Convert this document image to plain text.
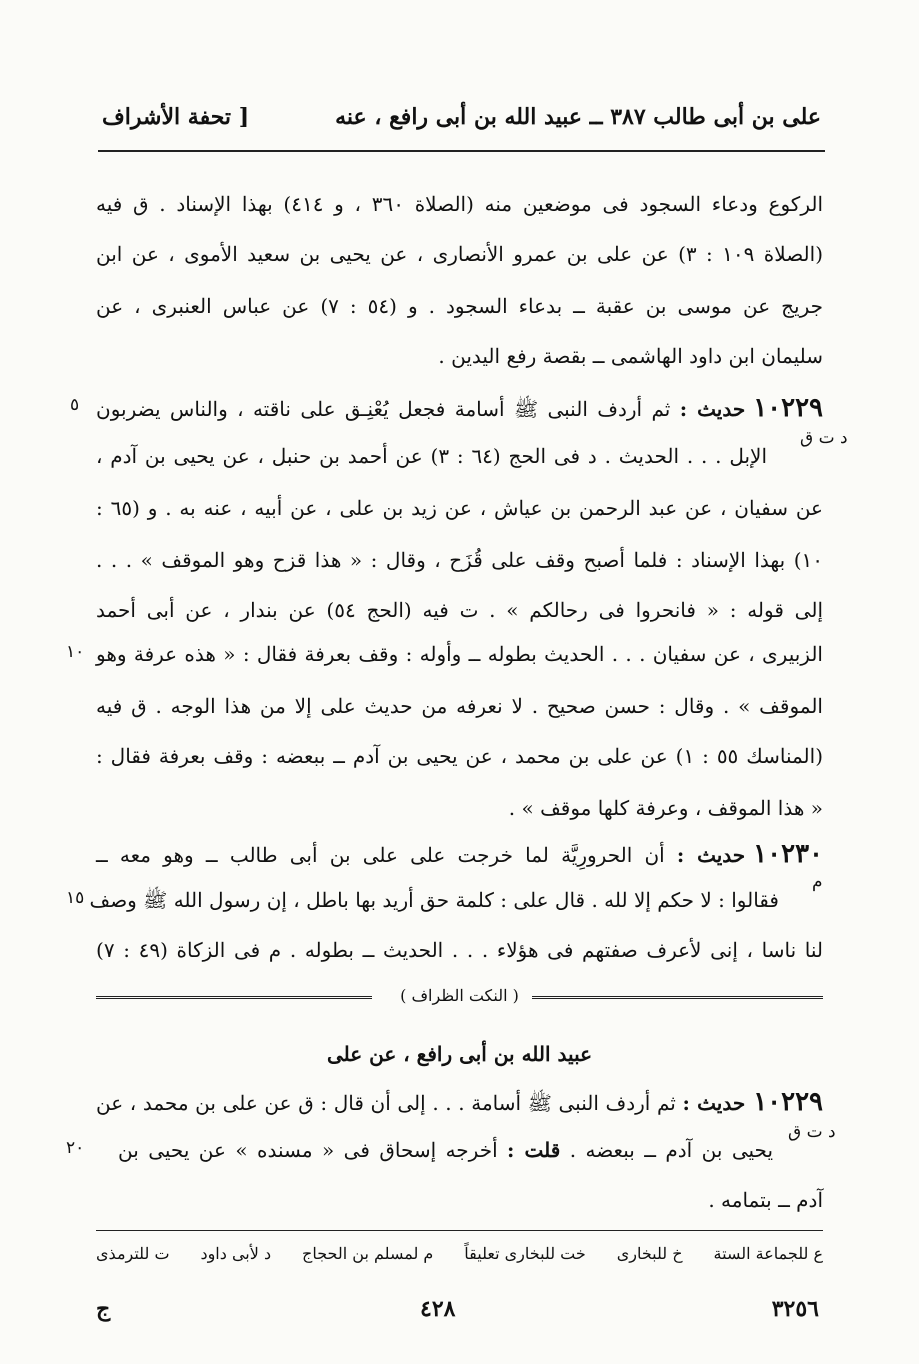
على بن أبى طالب ٣٨٧ ــ عبيد الله بن أبى رافع ، عنه
[ تحفة الأشراف
الركوع ودعاء السجود فى موضعين منه (الصلاة ٣٦٠ ، و ٤١٤) بهذا الإسناد . ق فيه
(الصلاة ١٠٩ : ٣) عن على بن عمرو الأنصارى ، عن يحيى بن سعيد الأموى ، عن ابن
جريج عن موسى بن عقبة ــ بدعاء السجود . و (٥٤ : ٧) عن عباس العنبرى ، عن
سليمان ابن داود الهاشمى ــ بقصة رفع اليدين .
١٠٢٢٩حديث : ثم أردف النبى ﷺ أسامة فجعل يُعْنِـق على ناقته ، والناس يضربون
٥
د ت ق
الإبل . . . الحديث . د فى الحج (٦٤ : ٣) عن أحمد بن حنبل ، عن يحيى بن آدم ،
عن سفيان ، عن عبد الرحمن بن عياش ، عن زيد بن على ، عن أبيه ، عنه به . و (٦٥ :
١٠) بهذا الإسناد : فلما أصبح وقف على قُزَح ، وقال : « هذا قزح وهو الموقف » . . .
إلى قوله : « فانحروا فى رحالكم » . ت فيه (الحج ٥٤) عن بندار ، عن أبى أحمد
الزبيرى ، عن سفيان . . . الحديث بطوله ــ وأوله : وقف بعرفة فقال : « هذه عرفة وهو
١٠
الموقف » . وقال : حسن صحيح . لا نعرفه من حديث على إلا من هذا الوجه . ق فيه
(المناسك ٥٥ : ١) عن على بن محمد ، عن يحيى بن آدم ــ ببعضه : وقف بعرفة فقال :
« هذا الموقف ، وعرفة كلها موقف » .
١٠٢٣٠حديث : أن الحرورِيَّة لما خرجت على على بن أبى طالب ــ وهو معه ــ
م
فقالوا : لا حكم إلا لله . قال على : كلمة حق أريد بها باطل ، إن رسول الله ﷺ وصف
١٥
لنا ناسا ، إنى لأعرف صفتهم فى هؤلاء . . . الحديث ــ بطوله . م فى الزكاة (٤٩ : ٧)
( النكت الظراف )
عبيد الله بن أبى رافع ، عن على
١٠٢٢٩حديث : ثم أردف النبى ﷺ أسامة . . . إلى أن قال : ق عن على بن محمد ، عن
د ت ق
يحيى بن آدم ــ ببعضه . قلت : أخرجه إسحاق فى « مسنده » عن يحيى بن
٢٠
آدم ــ بتمامه .
ع للجماعة الستة
خ للبخارى
خت للبخارى تعليقاً
م لمسلم بن الحجاج
د لأبى داود
ت للترمذى
ج	٤٢٨	٣٢٥٦
